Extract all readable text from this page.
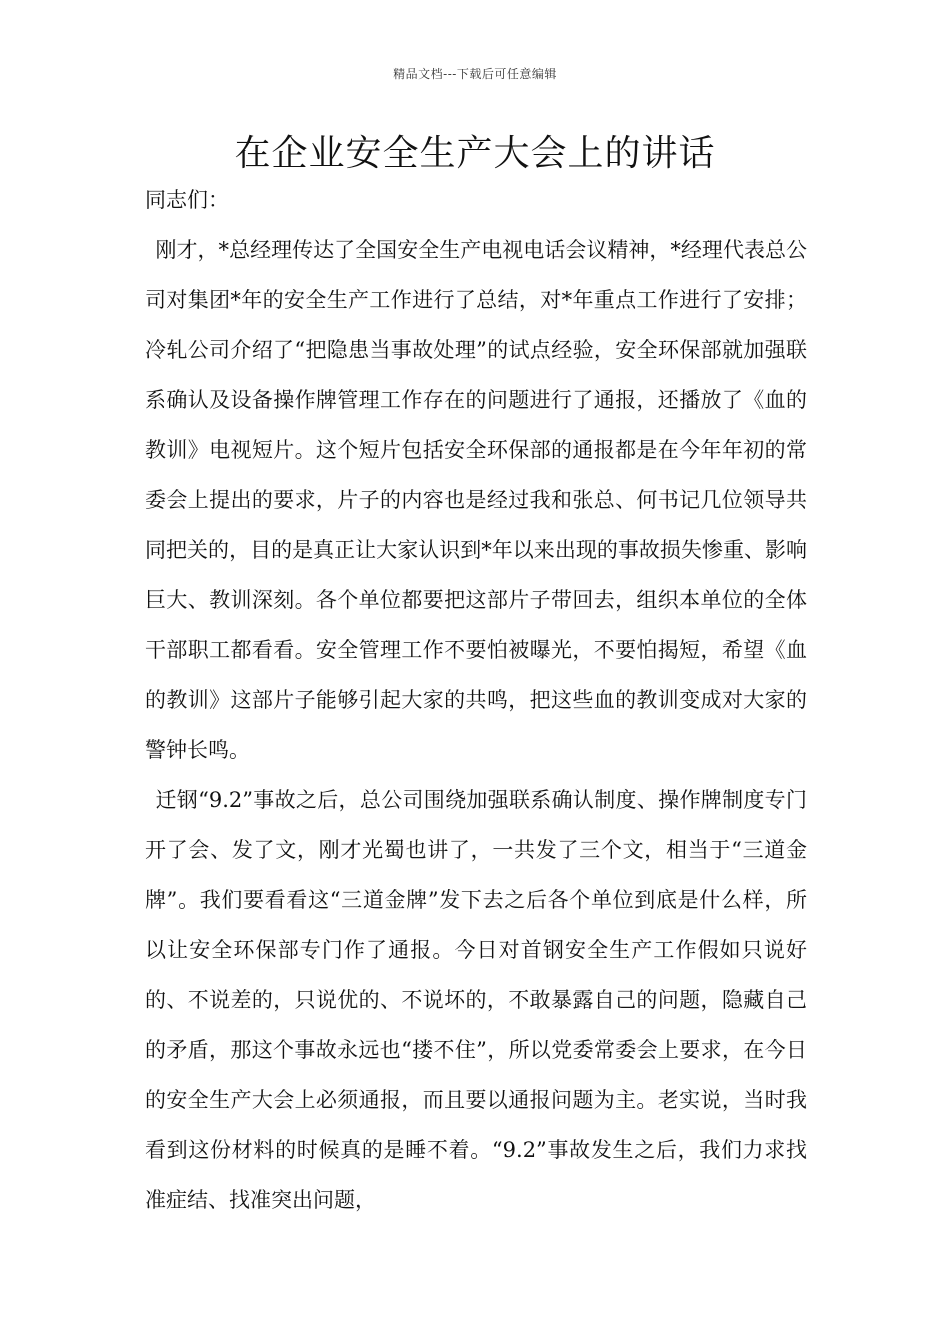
精品文档---下载后可任意编辑
在企业安全生产大会上的讲话

同志们：

刚才，*总经理传达了全国安全生产电视电话会议精神，*经理代表总公司对集团*年的安全生产工作进行了总结，对*年重点工作进行了安排；冷轧公司介绍了“把隐患当事故处理”的试点经验，安全环保部就加强联系确认及设备操作牌管理工作存在的问题进行了通报，还播放了《血的教训》电视短片。这个短片包括安全环保部的通报都是在今年年初的常委会上提出的要求，片子的内容也是经过我和张总、何书记几位领导共同把关的，目的是真正让大家认识到*年以来出现的事故损失惨重、影响巨大、教训深刻。各个单位都要把这部片子带回去，组织本单位的全体干部职工都看看。安全管理工作不要怕被曝光，不要怕揭短，希望《血的教训》这部片子能够引起大家的共鸣，把这些血的教训变成对大家的警钟长鸣。

迁钢“9.2”事故之后，总公司围绕加强联系确认制度、操作牌制度专门开了会、发了文，刚才光蜀也讲了，一共发了三个文，相当于“三道金牌”。我们要看看这“三道金牌”发下去之后各个单位到底是什么样，所以让安全环保部专门作了通报。今日对首钢安全生产工作假如只说好的、不说差的，只说优的、不说坏的，不敢暴露自己的问题，隐藏自己的矛盾，那这个事故永远也“搂不住”，所以党委常委会上要求，在今日的安全生产大会上必须通报，而且要以通报问题为主。老实说，当时我看到这份材料的时候真的是睡不着。“9.2”事故发生之后，我们力求找准症结、找准突出问题，
